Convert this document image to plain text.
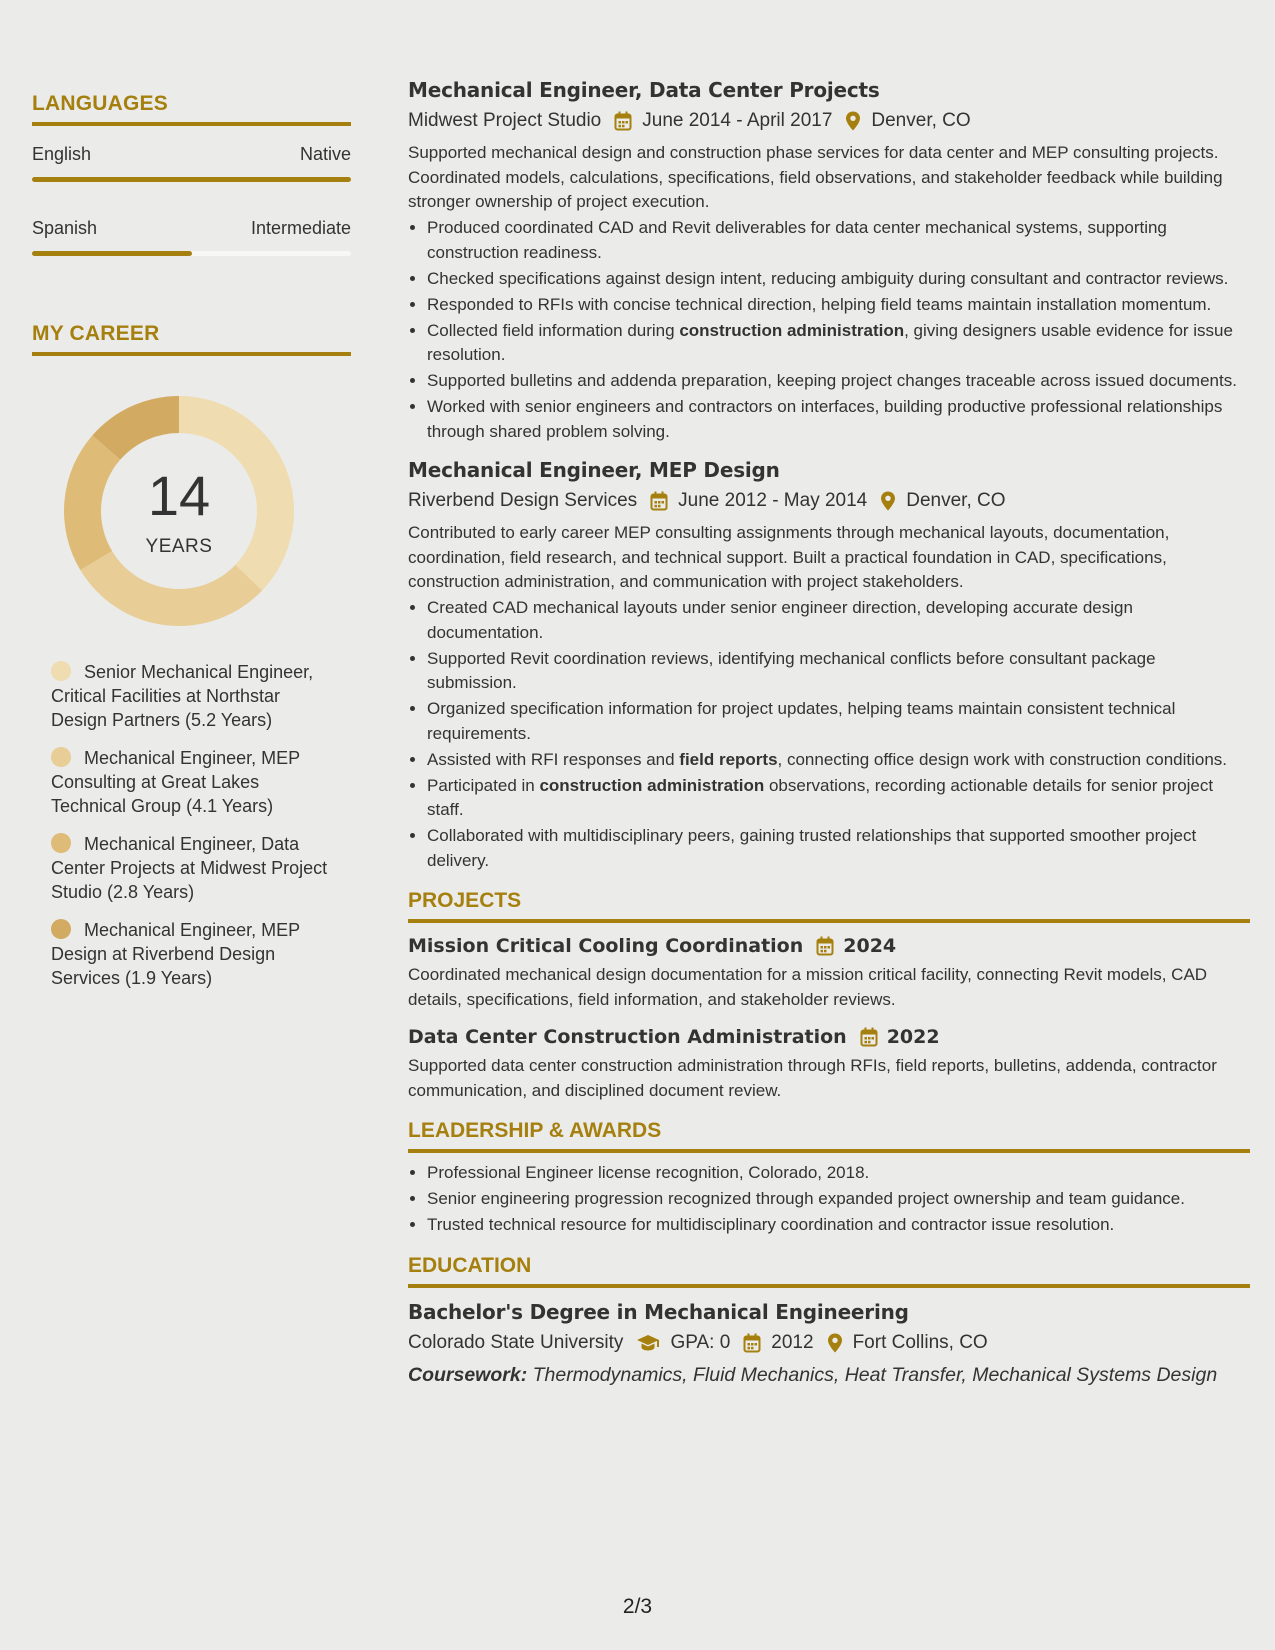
LANGUAGES
English	Native
Spanish	Intermediate
MY CAREER
14
YEARS
Senior Mechanical Engineer, Critical Facilities at Northstar Design Partners (5.2 Years)
Mechanical Engineer, MEP Consulting at Great Lakes Technical Group (4.1 Years)
Mechanical Engineer, Data Center Projects at Midwest Project Studio (2.8 Years)
Mechanical Engineer, MEP Design at Riverbend Design Services (1.9 Years)
Mechanical Engineer, Data Center Projects
Midwest Project Studio June 2014 - April 2017 Denver, CO
Supported mechanical design and construction phase services for data center and MEP consulting projects. Coordinated models, calculations, specifications, field observations, and stakeholder feedback while building stronger ownership of project execution.
• Produced coordinated CAD and Revit deliverables for data center mechanical systems, supporting construction readiness.
• Checked specifications against design intent, reducing ambiguity during consultant and contractor reviews.
• Responded to RFIs with concise technical direction, helping field teams maintain installation momentum.
• Collected field information during construction administration, giving designers usable evidence for issue resolution.
• Supported bulletins and addenda preparation, keeping project changes traceable across issued documents.
• Worked with senior engineers and contractors on interfaces, building productive professional relationships through shared problem solving.
Mechanical Engineer, MEP Design
Riverbend Design Services June 2012 - May 2014 Denver, CO
Contributed to early career MEP consulting assignments through mechanical layouts, documentation, coordination, field research, and technical support. Built a practical foundation in CAD, specifications, construction administration, and communication with project stakeholders.
• Created CAD mechanical layouts under senior engineer direction, developing accurate design documentation.
• Supported Revit coordination reviews, identifying mechanical conflicts before consultant package submission.
• Organized specification information for project updates, helping teams maintain consistent technical requirements.
• Assisted with RFI responses and field reports, connecting office design work with construction conditions.
• Participated in construction administration observations, recording actionable details for senior project staff.
• Collaborated with multidisciplinary peers, gaining trusted relationships that supported smoother project delivery.
PROJECTS
Mission Critical Cooling Coordination 2024
Coordinated mechanical design documentation for a mission critical facility, connecting Revit models, CAD details, specifications, field information, and stakeholder reviews.
Data Center Construction Administration 2022
Supported data center construction administration through RFIs, field reports, bulletins, addenda, contractor communication, and disciplined document review.
LEADERSHIP & AWARDS
• Professional Engineer license recognition, Colorado, 2018.
• Senior engineering progression recognized through expanded project ownership and team guidance.
• Trusted technical resource for multidisciplinary coordination and contractor issue resolution.
EDUCATION
Bachelor's Degree in Mechanical Engineering
Colorado State University GPA: 0 2012 Fort Collins, CO
Coursework: Thermodynamics, Fluid Mechanics, Heat Transfer, Mechanical Systems Design
2/3
